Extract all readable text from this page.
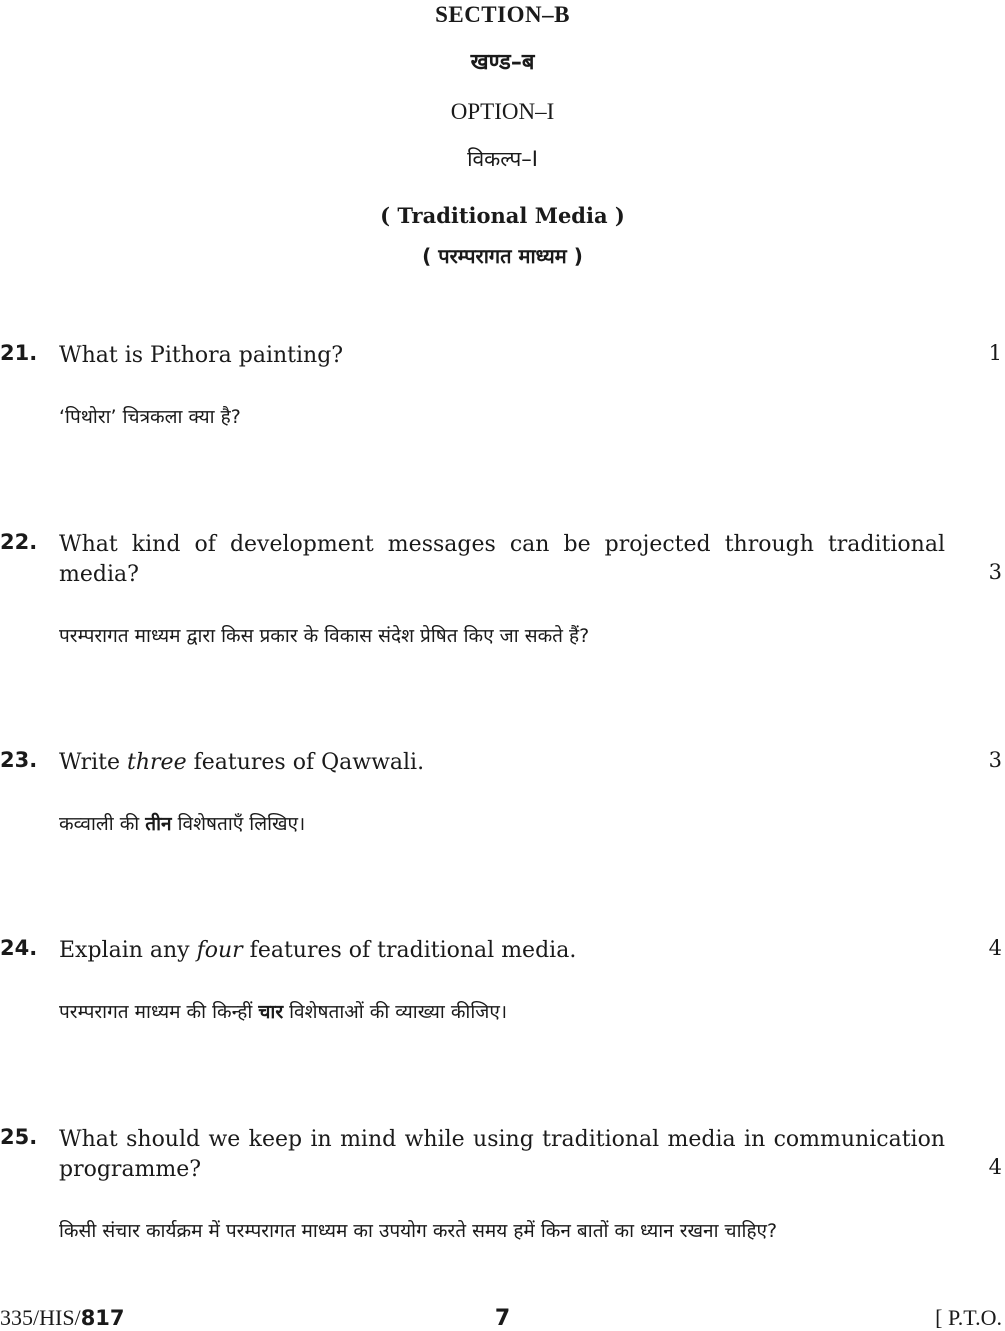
SECTION–B
खण्ड–ब
OPTION–I
विकल्प–I
( Traditional Media )
( परम्परागत माध्यम )
21. What is Pithora painting?	1
‘पिथोरा’ चित्रकला क्या है?
22. What kind of development messages can be projected through traditional media?	3
परम्परागत माध्यम द्वारा किस प्रकार के विकास संदेश प्रेषित किए जा सकते हैं?
23. Write three features of Qawwali.	3
कव्वाली की तीन विशेषताएँ लिखिए।
24. Explain any four features of traditional media.	4
परम्परागत माध्यम की किन्हीं चार विशेषताओं की व्याख्या कीजिए।
25. What should we keep in mind while using traditional media in communication programme?	4
किसी संचार कार्यक्रम में परम्परागत माध्यम का उपयोग करते समय हमें किन बातों का ध्यान रखना चाहिए?
335/HIS/817	7	[ P.T.O.
